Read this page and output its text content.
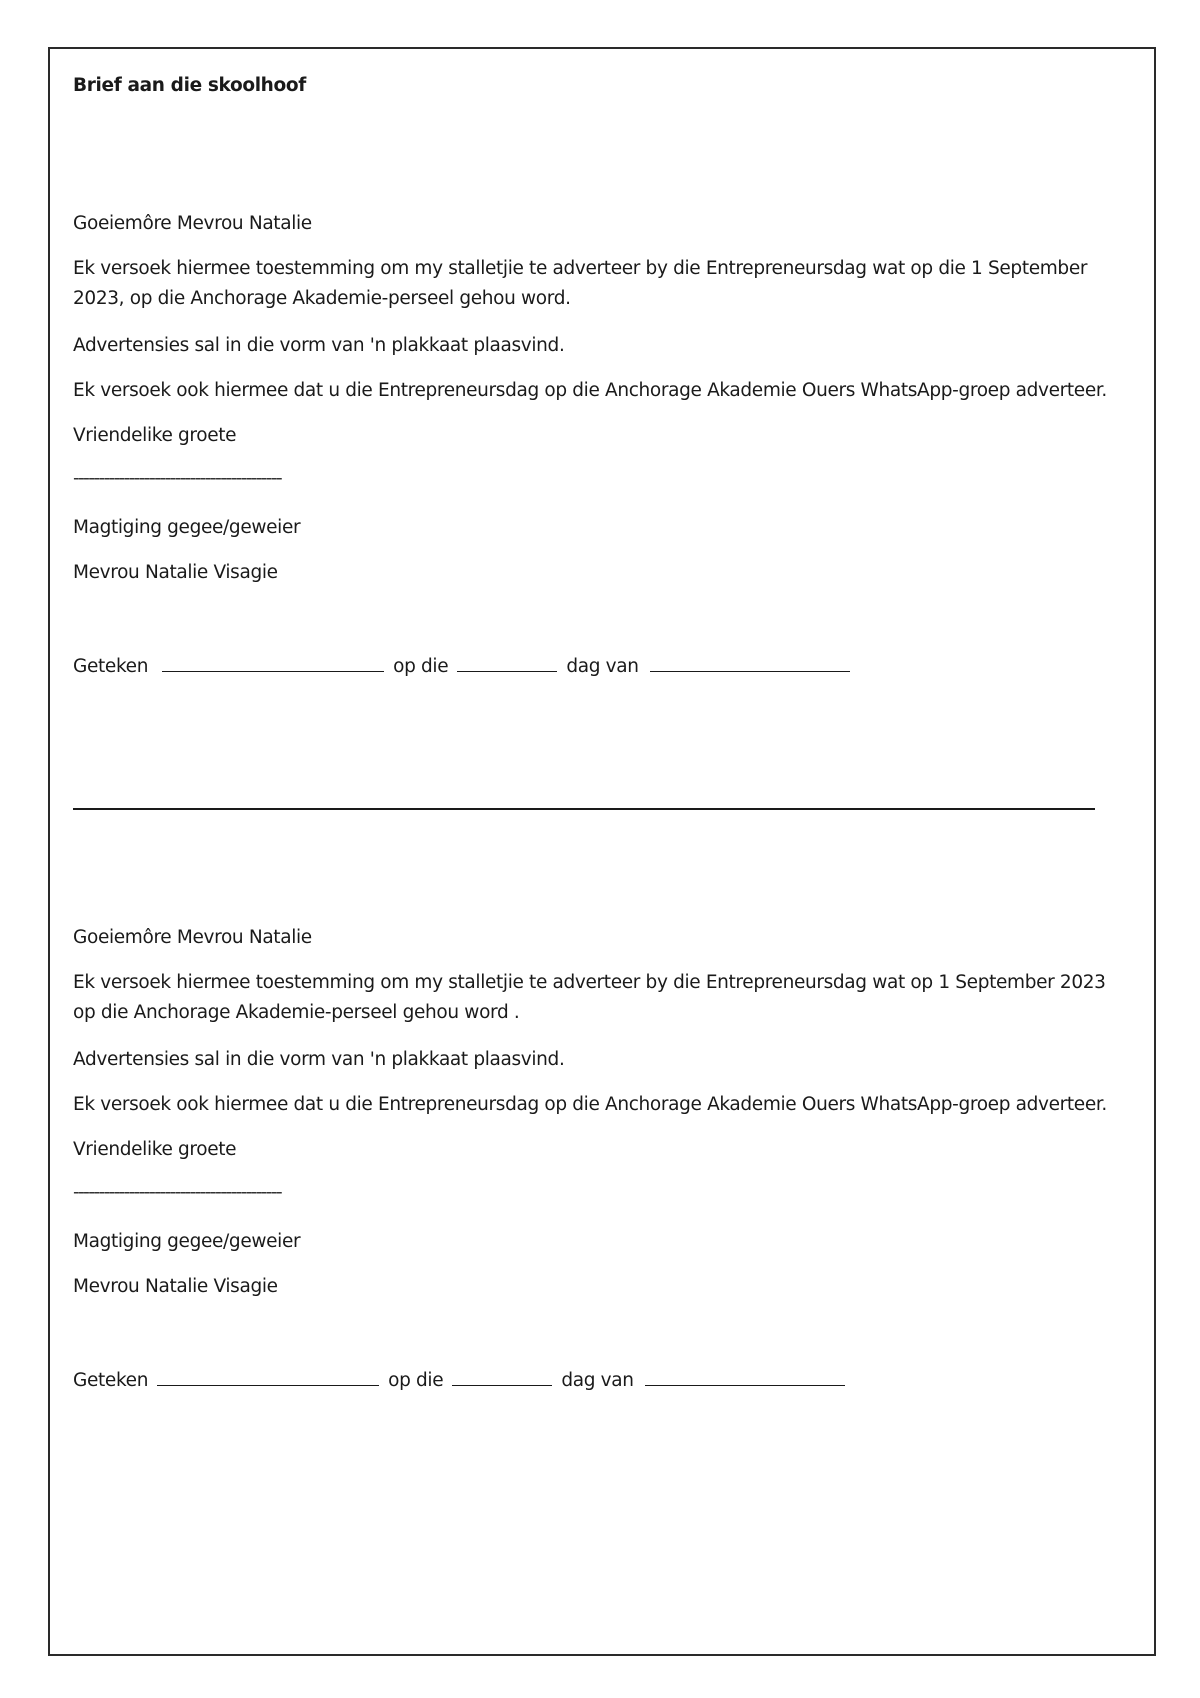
Brief aan die skoolhoof
Goeiemôre Mevrou Natalie
Ek versoek hiermee toestemming om my stalletjie te adverteer by die Entrepreneursdag wat op die 1 September 2023, op die Anchorage Akademie-perseel gehou word.
Advertensies sal in die vorm van 'n plakkaat plaasvind.
Ek versoek ook hiermee dat u die Entrepreneursdag op die Anchorage Akademie Ouers WhatsApp-groep adverteer.
Vriendelike groete
-----------------------------------------
Magtiging gegee/geweier
Mevrou Natalie Visagie
Geteken	op die	dag van
Goeiemôre Mevrou Natalie
Ek versoek hiermee toestemming om my stalletjie te adverteer by die Entrepreneursdag wat op 1 September 2023 op die Anchorage Akademie-perseel gehou word .
Advertensies sal in die vorm van 'n plakkaat plaasvind.
Ek versoek ook hiermee dat u die Entrepreneursdag op die Anchorage Akademie Ouers WhatsApp-groep adverteer.
Vriendelike groete
-----------------------------------------
Magtiging gegee/geweier
Mevrou Natalie Visagie
Geteken	op die	dag van
